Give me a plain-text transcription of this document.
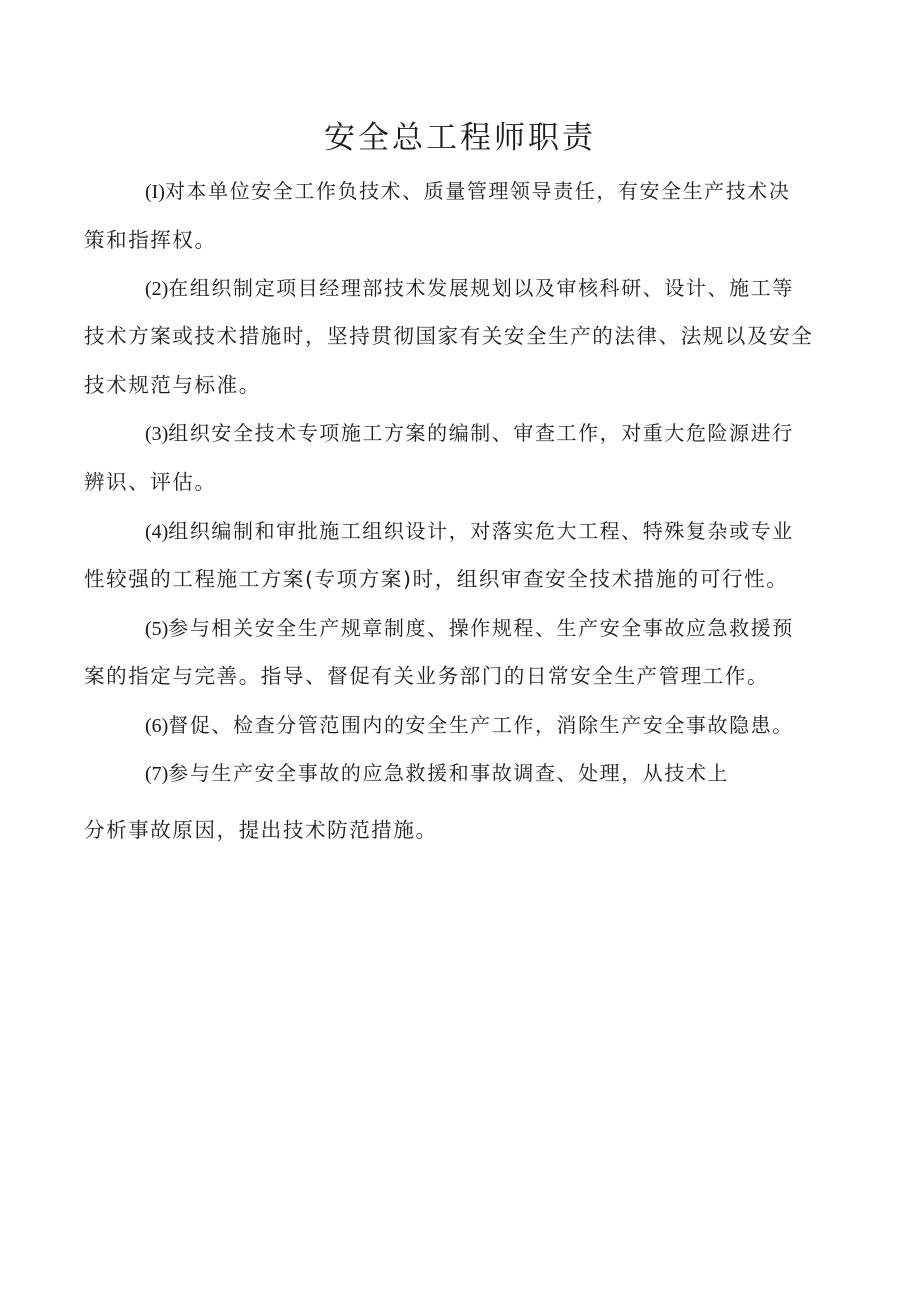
安全总工程师职责
(I)对本单位安全工作负技术、质量管理领导责任，有安全生产技术决
策和指挥权。
(2)在组织制定项目经理部技术发展规划以及审核科研、设计、施工等
技术方案或技术措施时，坚持贯彻国家有关安全生产的法律、法规以及安全
技术规范与标准。
(3)组织安全技术专项施工方案的编制、审查工作，对重大危险源进行
辨识、评估。
(4)组织编制和审批施工组织设计，对落实危大工程、特殊复杂或专业
性较强的工程施工方案(专项方案)时，组织审查安全技术措施的可行性。
(5)参与相关安全生产规章制度、操作规程、生产安全事故应急救援预
案的指定与完善。指导、督促有关业务部门的日常安全生产管理工作。
(6)督促、检查分管范围内的安全生产工作，消除生产安全事故隐患。
(7)参与生产安全事故的应急救援和事故调查、处理，从技术上
分析事故原因，提出技术防范措施。
